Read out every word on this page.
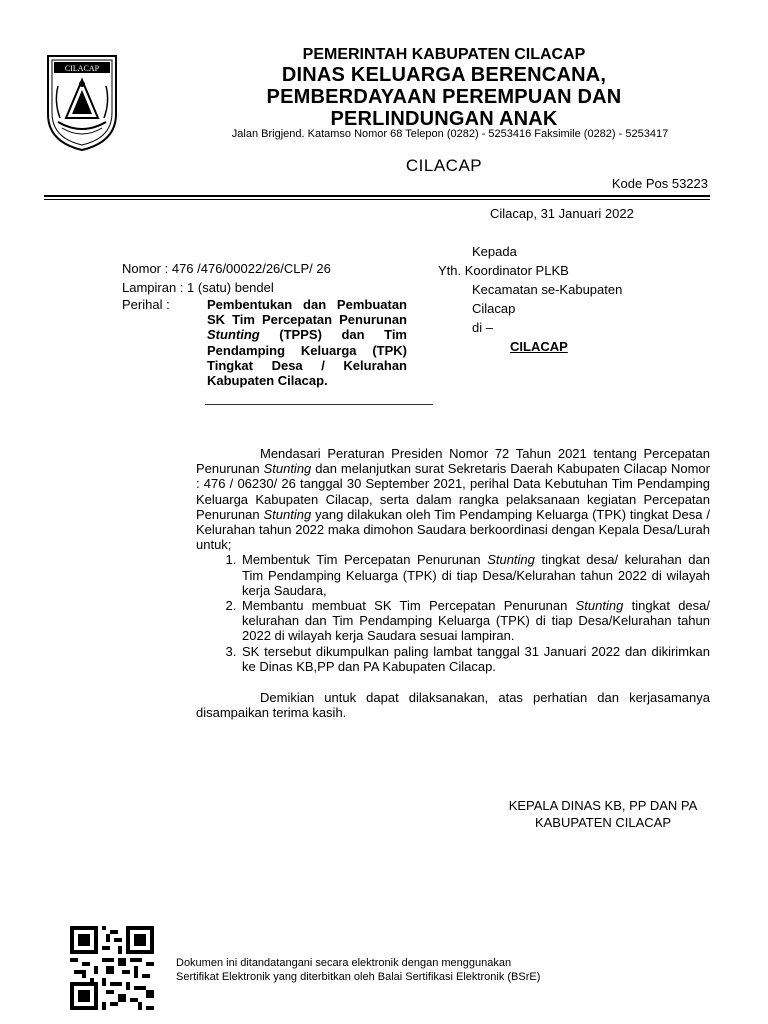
CILACAP
PEMERINTAH KABUPATEN CILACAP
DINAS KELUARGA BERENCANA,
PEMBERDAYAAN PEREMPUAN DAN
PERLINDUNGAN ANAK
Jalan Brigjend. Katamso Nomor 68 Telepon (0282) - 5253416 Faksimile (0282) - 5253417
CILACAP
Kode Pos 53223
Cilacap, 31 Januari 2022
Kepada
Yth. Koordinator PLKB
Kecamatan se-Kabupaten
Cilacap
di –
CILACAP
Nomor : 476 /476/00022/26/CLP/ 26
Lampiran : 1 (satu) bendel
Perihal :	Pembentukan dan Pembuatan SK Tim Percepatan Penurunan Stunting (TPPS) dan Tim Pendamping Keluarga (TPK) Tingkat Desa / Kelurahan Kabupaten Cilacap.

Mendasari Peraturan Presiden Nomor 72 Tahun 2021 tentang Percepatan Penurunan Stunting dan melanjutkan surat Sekretaris Daerah Kabupaten Cilacap Nomor : 476 / 06230/ 26 tanggal 30 September 2021, perihal Data Kebutuhan Tim Pendamping Keluarga Kabupaten Cilacap, serta dalam rangka pelaksanaan kegiatan Percepatan Penurunan Stunting yang dilakukan oleh Tim Pendamping Keluarga (TPK) tingkat Desa / Kelurahan tahun 2022 maka dimohon Saudara berkoordinasi dengan Kepala Desa/Lurah untuk;

1. Membentuk Tim Percepatan Penurunan Stunting tingkat desa/ kelurahan dan Tim Pendamping Keluarga (TPK) di tiap Desa/Kelurahan tahun 2022 di wilayah kerja Saudara,
2. Membantu membuat SK Tim Percepatan Penurunan Stunting tingkat desa/ kelurahan dan Tim Pendamping Keluarga (TPK) di tiap Desa/Kelurahan tahun 2022 di wilayah kerja Saudara sesuai lampiran.
3. SK tersebut dikumpulkan paling lambat tanggal 31 Januari 2022 dan dikirimkan ke Dinas KB,PP dan PA Kabupaten Cilacap.

Demikian untuk dapat dilaksanakan, atas perhatian dan kerjasamanya disampaikan terima kasih.

KEPALA DINAS KB, PP DAN PA
KABUPATEN CILACAP
Dokumen ini ditandatangani secara elektronik dengan menggunakan
Sertifikat Elektronik yang diterbitkan oleh Balai Sertifikasi Elektronik (BSrE)
